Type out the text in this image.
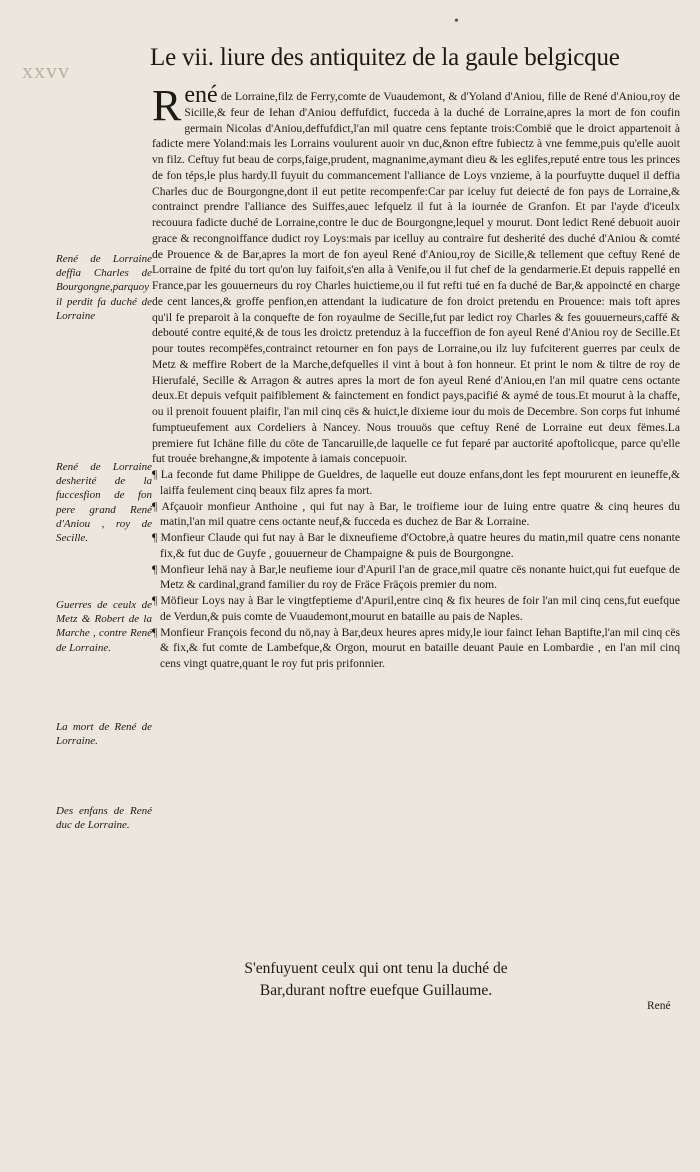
•
xxvv	Le vii. liure des antiquitez de la gaule belgicque

René de Lorraine,filz de Ferry,comte de Vuaudemont, & d'Yoland d'Aniou, fille de René d'Aniou,roy de Sicille,& feur de Iehan d'Aniou deffufdict, fucceda à la duché de Lorraine,apres la mort de fon coufin germain Nicolas d'Aniou,deffufdict,l'an mil quatre cens feptante trois:Combië que le droict appartenoit à fadicte mere Yoland:mais les Lorrains voulurent auoir vn duc,&non eftre fubiectz à vne femme,puis qu'elle auoit vn filz. Ceftuy fut beau de corps,faige,prudent, magnanime,aymant dieu & les eglifes,reputé entre tous les princes de fon téps,le plus hardy.Il fuyuit du commancement l'alliance de Loys vnzieme, à la pourfuytte duquel il deffia Charles duc de Bourgongne,dont il eut petite recompenfe:Car par iceluy fut deiecté de fon pays de Lorraine,& contrainct prendre l'alliance des Suiffes,auec lefquelz il fut à la iournée de Granfon. Et par l'ayde d'iceulx recouura fadicte duché de Lorraine,contre le duc de Bourgongne,lequel y mourut. Dont ledict René debuoit auoir grace & recongnoiffance dudict roy Loys:mais par icelluy au contraire fut desherité des duché d'Aniou & comté de Prouence & de Bar,apres la mort de fon ayeul René d'Aniou,roy de Sicille,& tellement que ceftuy René de Lorraine de fpité du tort qu'on luy faifoit,s'en alla à Venife,ou il fut chef de la gendarmerie.Et depuis rappellé en France,par les gouuerneurs du roy Charles huictieme,ou il fut refti tué en fa duché de Bar,& appoincté en charge de cent lances,& groffe penfion,en attendant la iudicature de fon droict pretendu en Prouence: mais toft apres qu'il fe preparoit à la conquefte de fon royaulme de Secille,fut par ledict roy Charles & fes gouuerneurs,caffé & debouté contre equité,& de tous les droictz pretenduz à la fucceffion de fon ayeul René d'Aniou roy de Secille.Et pour toutes recompëfes,contrainct retourner en fon pays de Lorraine,ou ilz luy fufciterent guerres par ceulx de Metz & meffire Robert de la Marche,defquelles il vint à bout à fon honneur. Et print le nom & tiltre de roy de Hierufalé, Secille & Arragon & autres apres la mort de fon ayeul René d'Aniou,en l'an mil quatre cens octante deux.Et depuis vefquit paifiblement & fainctement en fondict pays,pacifié & aymé de tous.Et mourut à la chaffe, ou il prenoit fouuent plaifir, l'an mil cinq cës & huict,le dixieme iour du mois de Decembre. Son corps fut inhumé fumptueufement aux Cordeliers à Nancey. Nous trouuös que ceftuy René de Lorraine eut deux fëmes.La premiere fut Ichäne fille du cöte de Tancaruille,de laquelle ce fut feparé par auctorité apoftolicque, parce qu'elle fut trouée brehangne,& impotente à iamais concepuoir.

¶ La feconde fut dame Philippe de Gueldres, de laquelle eut douze enfans,dont les fept moururent en ieuneffe,& laiffa feulement cinq beaux filz apres fa mort.

¶ Afçauoir monfieur Anthoine , qui fut nay à Bar, le troifieme iour de Iuing entre quatre & cinq heures du matin,l'an mil quatre cens octante neuf,& fucceda es duchez de Bar & Lorraine.

¶ Monfieur Claude qui fut nay à Bar le dixneufieme d'Octobre,à quatre heures du matin,mil quatre cens nonante fix,& fut duc de Guyfe , gouuerneur de Champaigne & puis de Bourgongne.

¶ Monfieur Iehä nay à Bar,le neufieme iour d'Apuril l'an de grace,mil quatre cës nonante huict,qui fut euefque de Metz & cardinal,grand familier du roy de Fräce Fräçois premier du nom.

¶ Möfieur Loys nay à Bar le vingtfeptieme d'Apuril,entre cinq & fix heures de foir l'an mil cinq cens,fut euefque de Verdun,& puis comte de Vuaudemont,mourut en bataille au pais de Naples.

¶ Monfieur François fecond du nö,nay à Bar,deux heures apres midy,le iour fainct Iehan Baptifte,l'an mil cinq cës & fix,& fut comte de Lambefque,& Orgon, mourut en bataille deuant Pauie en Lombardie , en l'an mil cinq cens vingt quatre,quant le roy fut pris prifonnier.

René de Lorraine deffia Charles de Bourgongne,parquoy il perdit fa duché de Lorraine
René de Lorraine desherité de la fuccesfion de fon pere grand René d'Aniou , roy de Secille.
Guerres de ceulx de Metz & Robert de la Marche , contre René de Lorraine.
La mort de René de Lorraine.
Des enfans de René duc de Lorraine.
S'enfuyuent ceulx qui ont tenu la duché de Bar,durant noftre euefque Guillaume.
René
